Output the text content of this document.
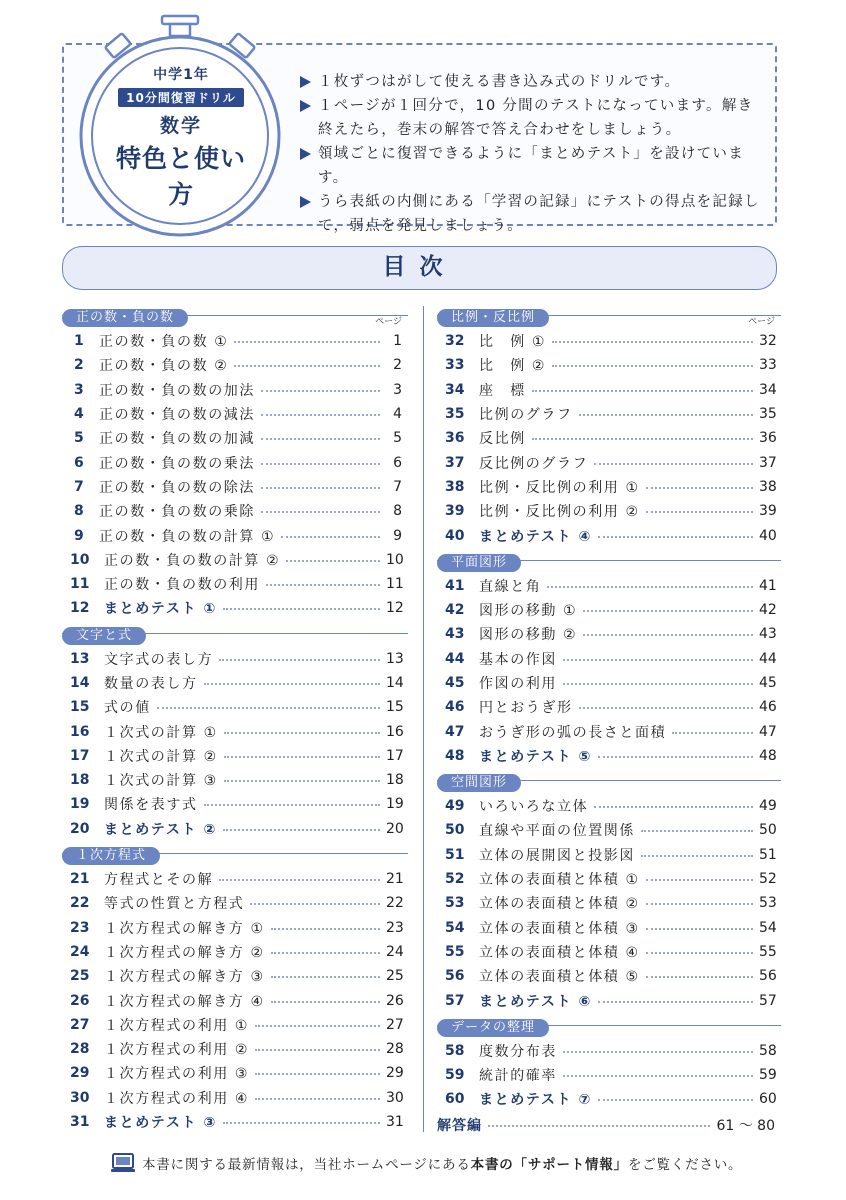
中学1年
10分間復習ドリル
数学
特色と使い方
１枚ずつはがして使える書き込み式のドリルです。
１ページが１回分で，10 分間のテストになっています。解き終えたら，巻末の解答で答え合わせをしましょう。
領域ごとに復習できるように「まとめテスト」を設けています。
うら表紙の内側にある「学習の記録」にテストの得点を記録して，弱点を発見しましょう。
目次
正の数・負の数	ページ
1	正の数・負の数 ①	1
2	正の数・負の数 ②	2
3	正の数・負の数の加法	3
4	正の数・負の数の減法	4
5	正の数・負の数の加減	5
6	正の数・負の数の乗法	6
7	正の数・負の数の除法	7
8	正の数・負の数の乗除	8
9	正の数・負の数の計算 ①	9
10	正の数・負の数の計算 ②	10
11	正の数・負の数の利用	11
12	まとめテスト ①	12
文字と式
13	文字式の表し方	13
14	数量の表し方	14
15	式の値	15
16	１次式の計算 ①	16
17	１次式の計算 ②	17
18	１次式の計算 ③	18
19	関係を表す式	19
20	まとめテスト ②	20
１次方程式
21	方程式とその解	21
22	等式の性質と方程式	22
23	１次方程式の解き方 ①	23
24	１次方程式の解き方 ②	24
25	１次方程式の解き方 ③	25
26	１次方程式の解き方 ④	26
27	１次方程式の利用 ①	27
28	１次方程式の利用 ②	28
29	１次方程式の利用 ③	29
30	１次方程式の利用 ④	30
31	まとめテスト ③	31
比例・反比例	ページ
32	比　例 ①	32
33	比　例 ②	33
34	座　標	34
35	比例のグラフ	35
36	反比例	36
37	反比例のグラフ	37
38	比例・反比例の利用 ①	38
39	比例・反比例の利用 ②	39
40	まとめテスト ④	40
平面図形
41	直線と角	41
42	図形の移動 ①	42
43	図形の移動 ②	43
44	基本の作図	44
45	作図の利用	45
46	円とおうぎ形	46
47	おうぎ形の弧の長さと面積	47
48	まとめテスト ⑤	48
空間図形
49	いろいろな立体	49
50	直線や平面の位置関係	50
51	立体の展開図と投影図	51
52	立体の表面積と体積 ①	52
53	立体の表面積と体積 ②	53
54	立体の表面積と体積 ③	54
55	立体の表面積と体積 ④	55
56	立体の表面積と体積 ⑤	56
57	まとめテスト ⑥	57
データの整理
58	度数分布表	58
59	統計的確率	59
60	まとめテスト ⑦	60
解答編	61 ～ 80
本書に関する最新情報は，当社ホームページにある本書の「サポート情報」をご覧ください。
